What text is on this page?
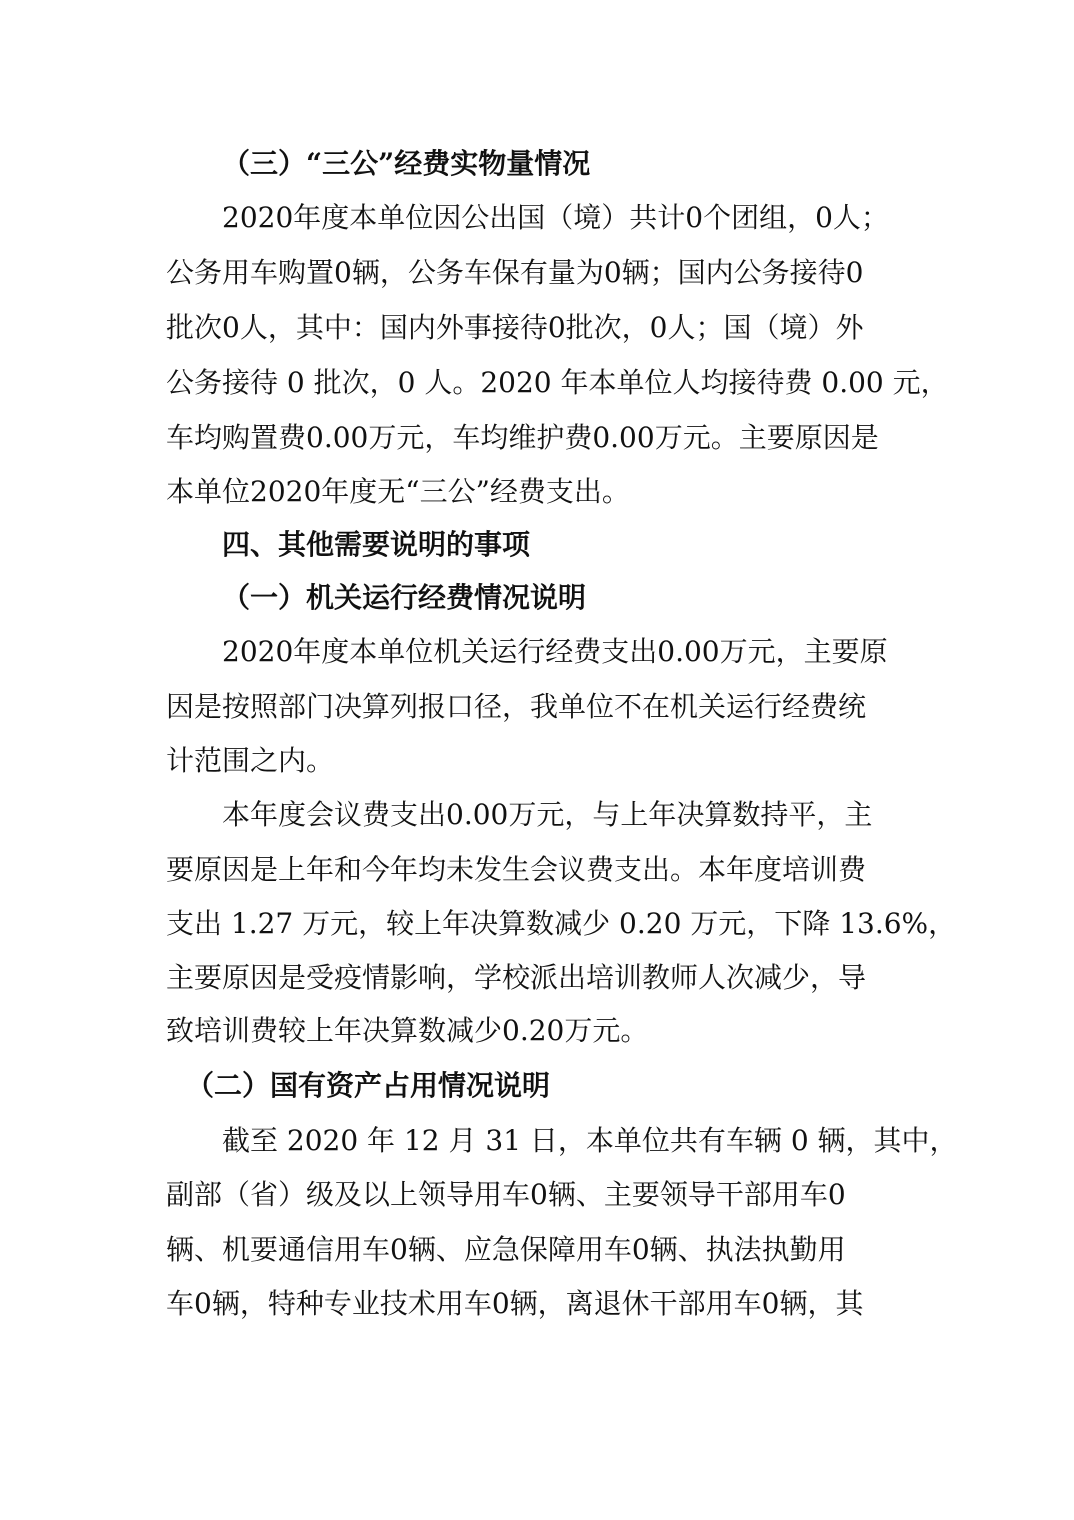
（三）“三公”经费实物量情况

2020年度本单位因公出国（境）共计0个团组，0人；

公务用车购置0辆，公务车保有量为0辆；国内公务接待0

批次0人，其中：国内外事接待0批次，0人；国（境）外

公务接待 0 批次，0 人。2020 年本单位人均接待费 0.00 元，

车均购置费0.00万元，车均维护费0.00万元。主要原因是

本单位2020年度无“三公”经费支出。

四、其他需要说明的事项

（一）机关运行经费情况说明

2020年度本单位机关运行经费支出0.00万元，主要原

因是按照部门决算列报口径，我单位不在机关运行经费统

计范围之内。

本年度会议费支出0.00万元，与上年决算数持平，主

要原因是上年和今年均未发生会议费支出。本年度培训费

支出 1.27 万元，较上年决算数减少 0.20 万元，下降 13.6%，

主要原因是受疫情影响，学校派出培训教师人次减少，导

致培训费较上年决算数减少0.20万元。

（二）国有资产占用情况说明

截至 2020 年 12 月 31 日，本单位共有车辆 0 辆，其中，

副部（省）级及以上领导用车0辆、主要领导干部用车0

辆、机要通信用车0辆、应急保障用车0辆、执法执勤用

车0辆，特种专业技术用车0辆，离退休干部用车0辆，其
